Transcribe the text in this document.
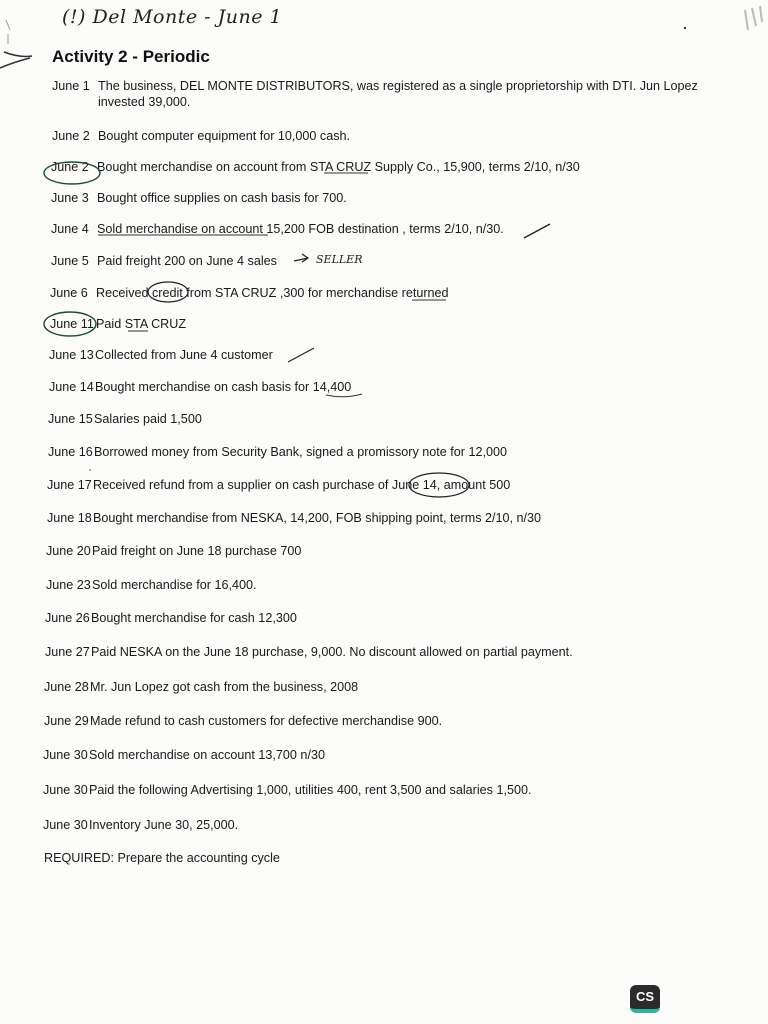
(!) Del Monte - June 1
Activity 2 - Periodic
June 1 The business, DEL MONTE DISTRIBUTORS, was registered as a single proprietorship with DTI. Jun Lopez
invested 39,000.
June 2 Bought computer equipment for 10,000 cash.
June 2 Bought merchandise on account from STA CRUZ Supply Co., 15,900, terms 2/10, n/30
June 3 Bought office supplies on cash basis for 700.
June 4 Sold merchandise on account 15,200 FOB destination , terms 2/10, n/30.
June 5 Paid freight 200 on June 4 sales
June 6 Received credit from STA CRUZ ,300 for merchandise returned
June 11 Paid STA CRUZ
June 13Collected from June 4 customer
June 14Bought merchandise on cash basis for 14,400
June 15Salaries paid 1,500
June 16Borrowed money from Security Bank, signed a promissory note for 12,000
June 17Received refund from a supplier on cash purchase of June 14, amount 500
June 18Bought merchandise from NESKA, 14,200, FOB shipping point, terms 2/10, n/30
June 20Paid freight on June 18 purchase 700
June 23Sold merchandise for 16,400.
June 26Bought merchandise for cash 12,300
June 27Paid NESKA on the June 18 purchase, 9,000. No discount allowed on partial payment.
June 28Mr. Jun Lopez got cash from the business, 2008
June 29Made refund to cash customers for defective merchandise 900.
June 30Sold merchandise on account 13,700 n/30
June 30Paid the following Advertising 1,000, utilities 400, rent 3,500 and salaries 1,500.
June 30Inventory June 30, 25,000.
REQUIRED: Prepare the accounting cycle
SELLER
CS
